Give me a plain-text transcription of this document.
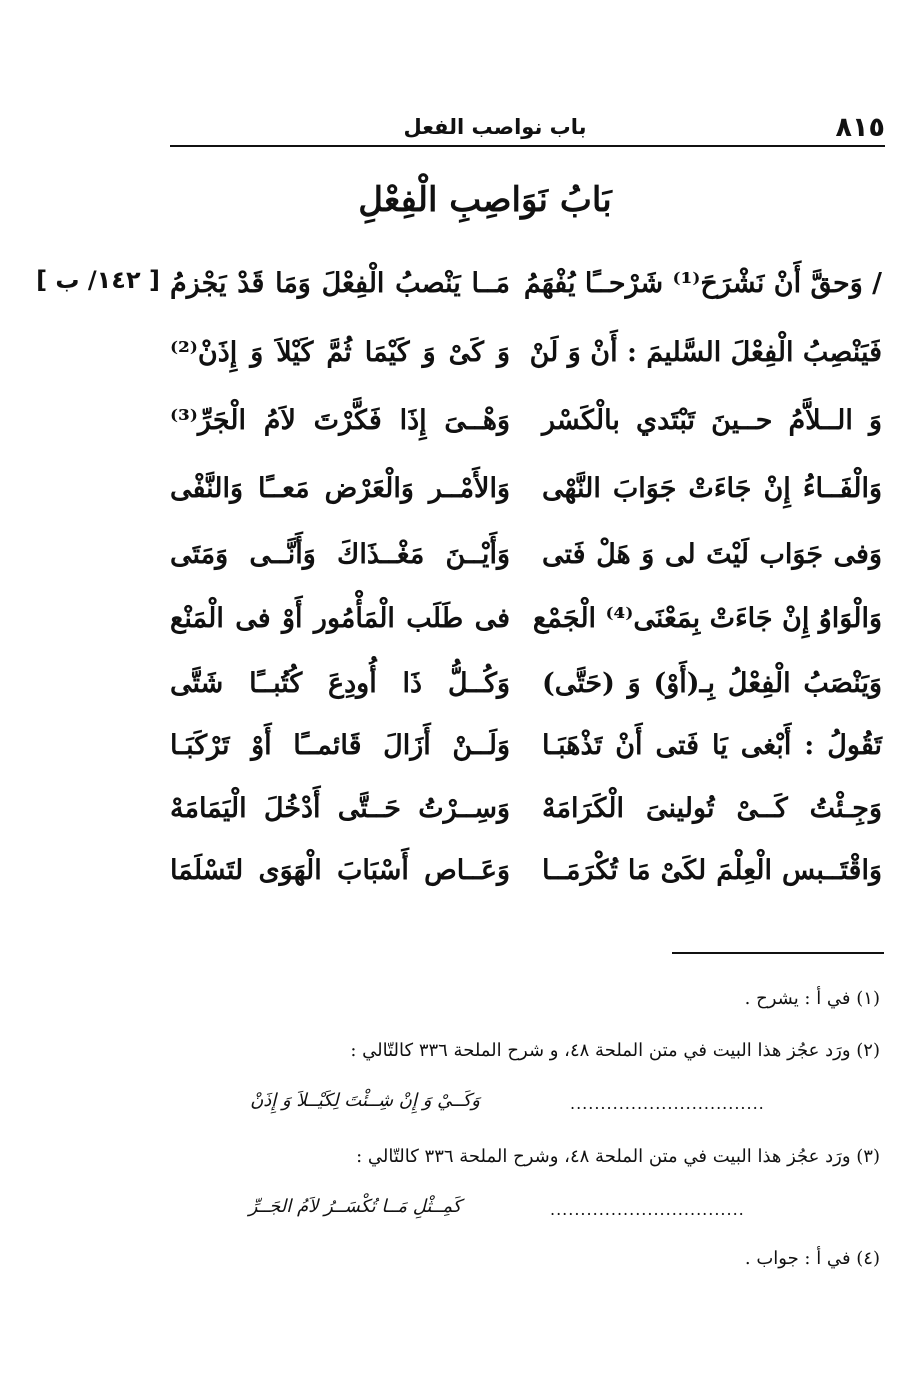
٨١٥
باب نواصب الفعل
بَابُ نَوَاصِبِ الْفِعْلِ
[ ١٤٢/ ب ]	/ وَحقَّ أَنْ نَشْرَحَ⁽¹⁾ شَرْحــًا يُفْهَمُ
مَــا يَنْصبُ الْفِعْلَ وَمَا قَدْ يَجْزمُ
فَيَنْصِبُ الْفِعْلَ السَّليمَ : أَنْ وَ لَنْ
وَ كَىْ وَ كَيْمَا ثُمَّ كَيْلاَ وَ إِذَنْ⁽²⁾
وَ الــلاَّمُ حــينَ تَبْتَدي بالْكَسْر
وَهْــىَ إِذَا فَكَّرْتَ لاَمُ الْجَرِّ⁽³⁾
وَالْفَــاءُ إِنْ جَاءَتْ جَوَابَ النَّهْى
وَالأَمْــر وَالْعَرْض مَعــًا وَالنَّفْى
وَفى جَوَاب لَيْتَ لى وَ هَلْ فَتى
وَأَيْــنَ مَغْــذَاكَ وَأَنَّــى وَمَتَى
وَالْوَاوُ إِنْ جَاءَتْ بِمَعْنَى⁽⁴⁾ الْجَمْع
فى طَلَب الْمَأْمُور أَوْ فى الْمَنْع
وَيَنْصَبُ الْفِعْلُ بِـ(أَوْ) وَ (حَتَّى)
وَكُــلُّ ذَا أُودِعَ كُتُبــًا شَتَّى
تَقُولُ : أَبْغى يَا فَتى أَنْ تَذْهَبَـا
وَلَــنْ أَزَالَ قَائمــًا أَوْ تَرْكَبَـا
وَجِـئْتُ كَــىْ تُولينىَ الْكَرَامَهْ
وَسِــرْتُ حَــتَّى أَدْخُلَ الْيَمَامَهْ
وَاقْتَــبس الْعِلْمَ لكَىْ مَا تُكْرَمَــا
وَعَــاص أَسْبَابَ الْهَوَى لتَسْلَمَا
(١) في أ : يشرح .
(٢) ورَد عجُز هذا البيت في متن الملحة ٤٨، و شرح الملحة ٣٣٦ كالتّالي :
................................
وَكَــيْ وَ إِنْ شِــئْتَ لِكَيْــلاَ وَ إِذَنْ
(٣) ورَد عجُز هذا البيت في متن الملحة ٤٨، وشرح الملحة ٣٣٦ كالتّالي :
................................
كَمِــثْلِ مَــا تُكْسَــرُ لاَمُ الجَــرِّ
(٤) في أ : جواب .
